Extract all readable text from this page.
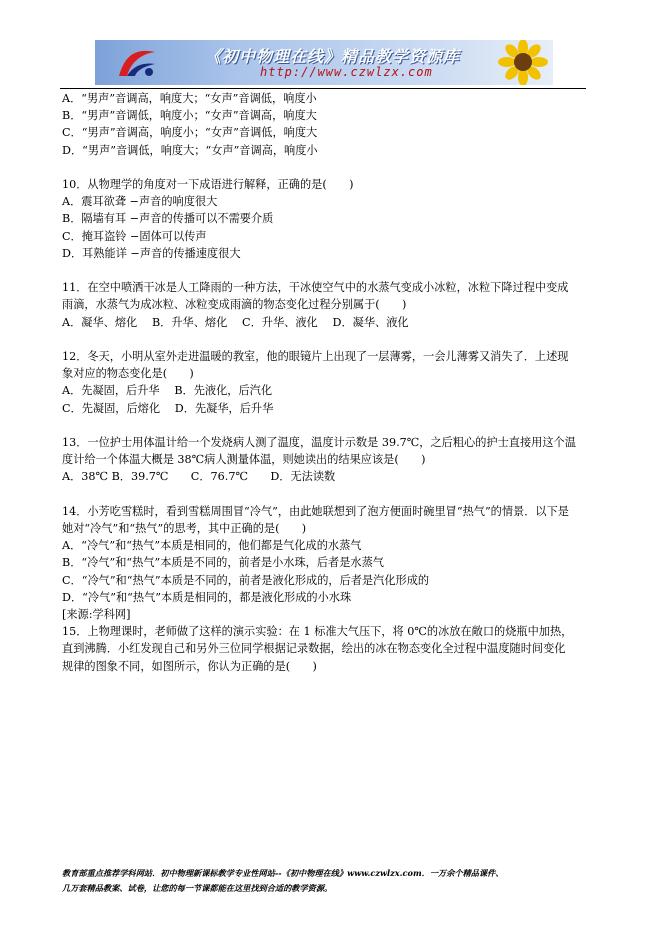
《初中物理在线》精品教学资源库
http://www.czwlzx.com
A．“男声”音调高，响度大；“女声”音调低，响度小
B．“男声”音调低，响度小；“女声”音调高，响度大
C．“男声”音调高，响度小；“女声”音调低，响度大
D．“男声”音调低，响度大；“女声”音调高，响度小
10．从物理学的角度对一下成语进行解释，正确的是(　　)
A．震耳欲聋 −声音的响度很大
B．隔墙有耳 −声音的传播可以不需要介质
C．掩耳盗铃 −固体可以传声
D．耳熟能详 −声音的传播速度很大
11．在空中喷洒干冰是人工降雨的一种方法，干冰使空气中的水蒸气变成小冰粒，冰粒下降过程中变成
雨滴，水蒸气为成冰粒、冰粒变成雨滴的物态变化过程分别属于(　　)
A．凝华、熔化　 B．升华、熔化　 C．升华、液化　 D．凝华、液化
12．冬天，小明从室外走进温暖的教室，他的眼镜片上出现了一层薄雾，一会儿薄雾又消失了．上述现
象对应的物态变化是(　　)
A．先凝固，后升华　 B．先液化，后汽化
C．先凝固，后熔化　 D．先凝华，后升华
13．一位护士用体温计给一个发烧病人测了温度，温度计示数是 39.7℃，之后粗心的护士直接用这个温
度计给一个体温大概是 38℃病人测量体温，则她读出的结果应该是(　　)
A．38℃ B．39.7℃　　C．76.7℃　　D．无法读数
14．小芳吃雪糕时，看到雪糕周围冒“冷气”，由此她联想到了泡方便面时碗里冒“热气”的情景．以下是
她对“冷气”和“热气”的思考，其中正确的是(　　)
A．“冷气”和“热气”本质是相同的，他们都是气化成的水蒸气
B．“冷气”和“热气”本质是不同的，前者是小水珠，后者是水蒸气
C．“冷气”和“热气”本质是不同的，前者是液化形成的，后者是汽化形成的
D．“冷气”和“热气”本质是相同的，都是液化形成的小水珠
[来源:学科网]
15．上物理课时，老师做了这样的演示实验：在 1 标准大气压下，将 0℃的冰放在敞口的烧瓶中加热，
直到沸腾．小红发现自己和另外三位同学根据记录数据，绘出的冰在物态变化全过程中温度随时间变化
规律的图象不同，如图所示，你认为正确的是(　　)
教育部重点推荐学科网站．初中物理新课标教学专业性网站--《初中物理在线》www.czwlzx.com．一万余个精品课件、
几万套精品教案、试卷，让您的每一节课都能在这里找到合适的教学资源。
